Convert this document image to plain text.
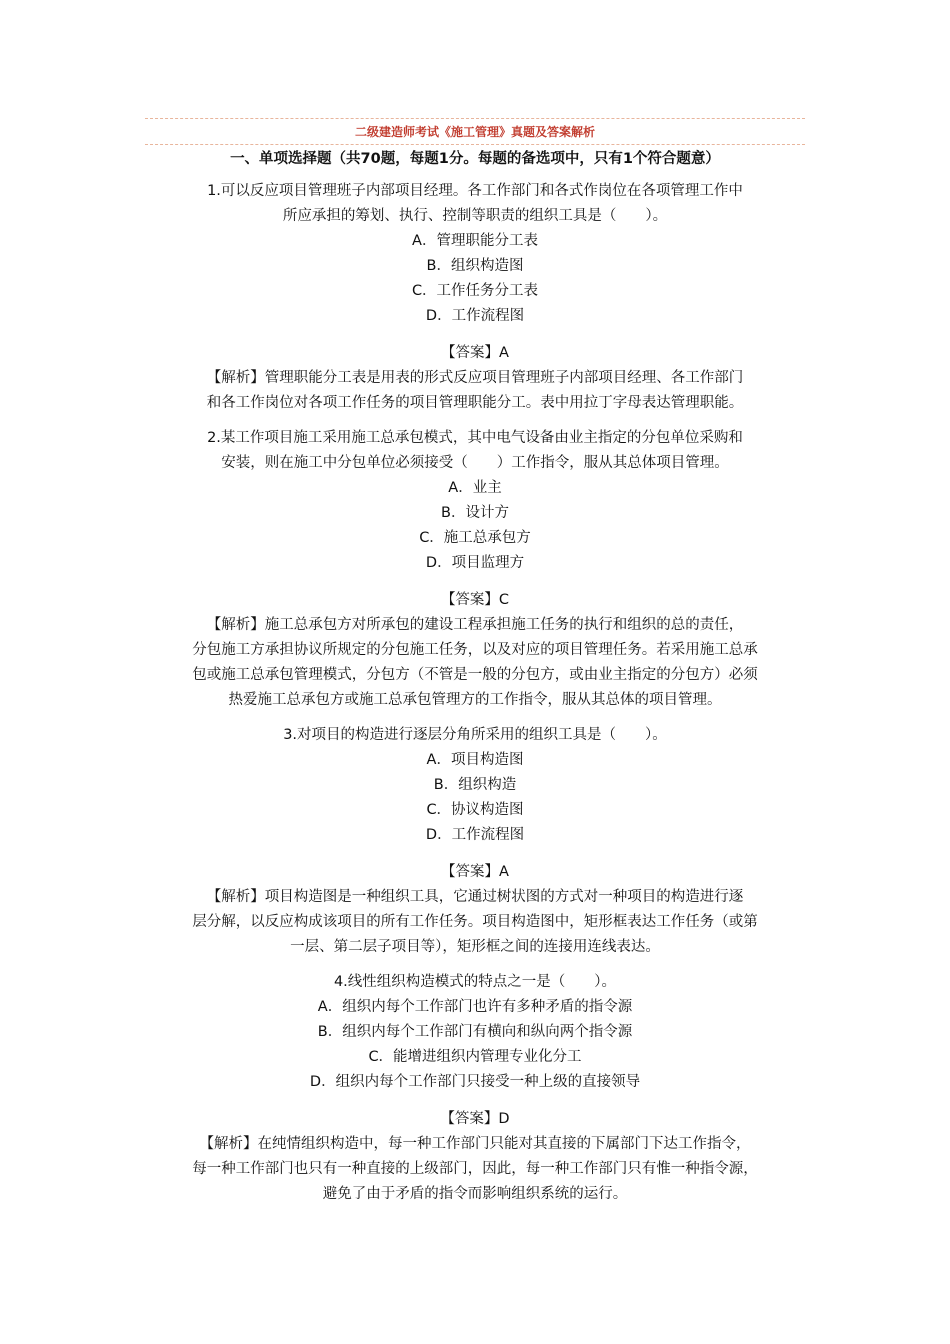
二级建造师考试《施工管理》真题及答案解析
一、单项选择题（共70题，每题1分。每题的备选项中，只有1个符合题意）

1.可以反应项目管理班子内部项目经理。各工作部门和各式作岗位在各项管理工作中
所应承担的筹划、执行、控制等职责的组织工具是（　　）。

A．管理职能分工表
B．组织构造图
C．工作任务分工表
D．工作流程图
【答案】A

【解析】管理职能分工表是用表的形式反应项目管理班子内部项目经理、各工作部门
和各工作岗位对各项工作任务的项目管理职能分工。表中用拉丁字母表达管理职能。

2.某工作项目施工采用施工总承包模式，其中电气设备由业主指定的分包单位采购和
安装，则在施工中分包单位必须接受（　　）工作指令，服从其总体项目管理。

A．业主
B．设计方
C．施工总承包方
D．项目监理方
【答案】C

【解析】施工总承包方对所承包的建设工程承担施工任务的执行和组织的总的责任，
分包施工方承担协议所规定的分包施工任务，以及对应的项目管理任务。若采用施工总承
包或施工总承包管理模式，分包方（不管是一般的分包方，或由业主指定的分包方）必须
热爱施工总承包方或施工总承包管理方的工作指令，服从其总体的项目管理。

3.对项目的构造进行逐层分角所采用的组织工具是（　　）。

A．项目构造图
B．组织构造
C．协议构造图
D．工作流程图
【答案】A

【解析】项目构造图是一种组织工具，它通过树状图的方式对一种项目的构造进行逐
层分解，以反应构成该项目的所有工作任务。项目构造图中，矩形框表达工作任务（或第
一层、第二层子项目等），矩形框之间的连接用连线表达。

4.线性组织构造模式的特点之一是（　　）。

A．组织内每个工作部门也许有多种矛盾的指令源
B．组织内每个工作部门有横向和纵向两个指令源
C．能增进组织内管理专业化分工
D．组织内每个工作部门只接受一种上级的直接领导
【答案】D

【解析】在纯情组织构造中，每一种工作部门只能对其直接的下属部门下达工作指令，
每一种工作部门也只有一种直接的上级部门，因此，每一种工作部门只有惟一种指令源，
避免了由于矛盾的指令而影响组织系统的运行。
